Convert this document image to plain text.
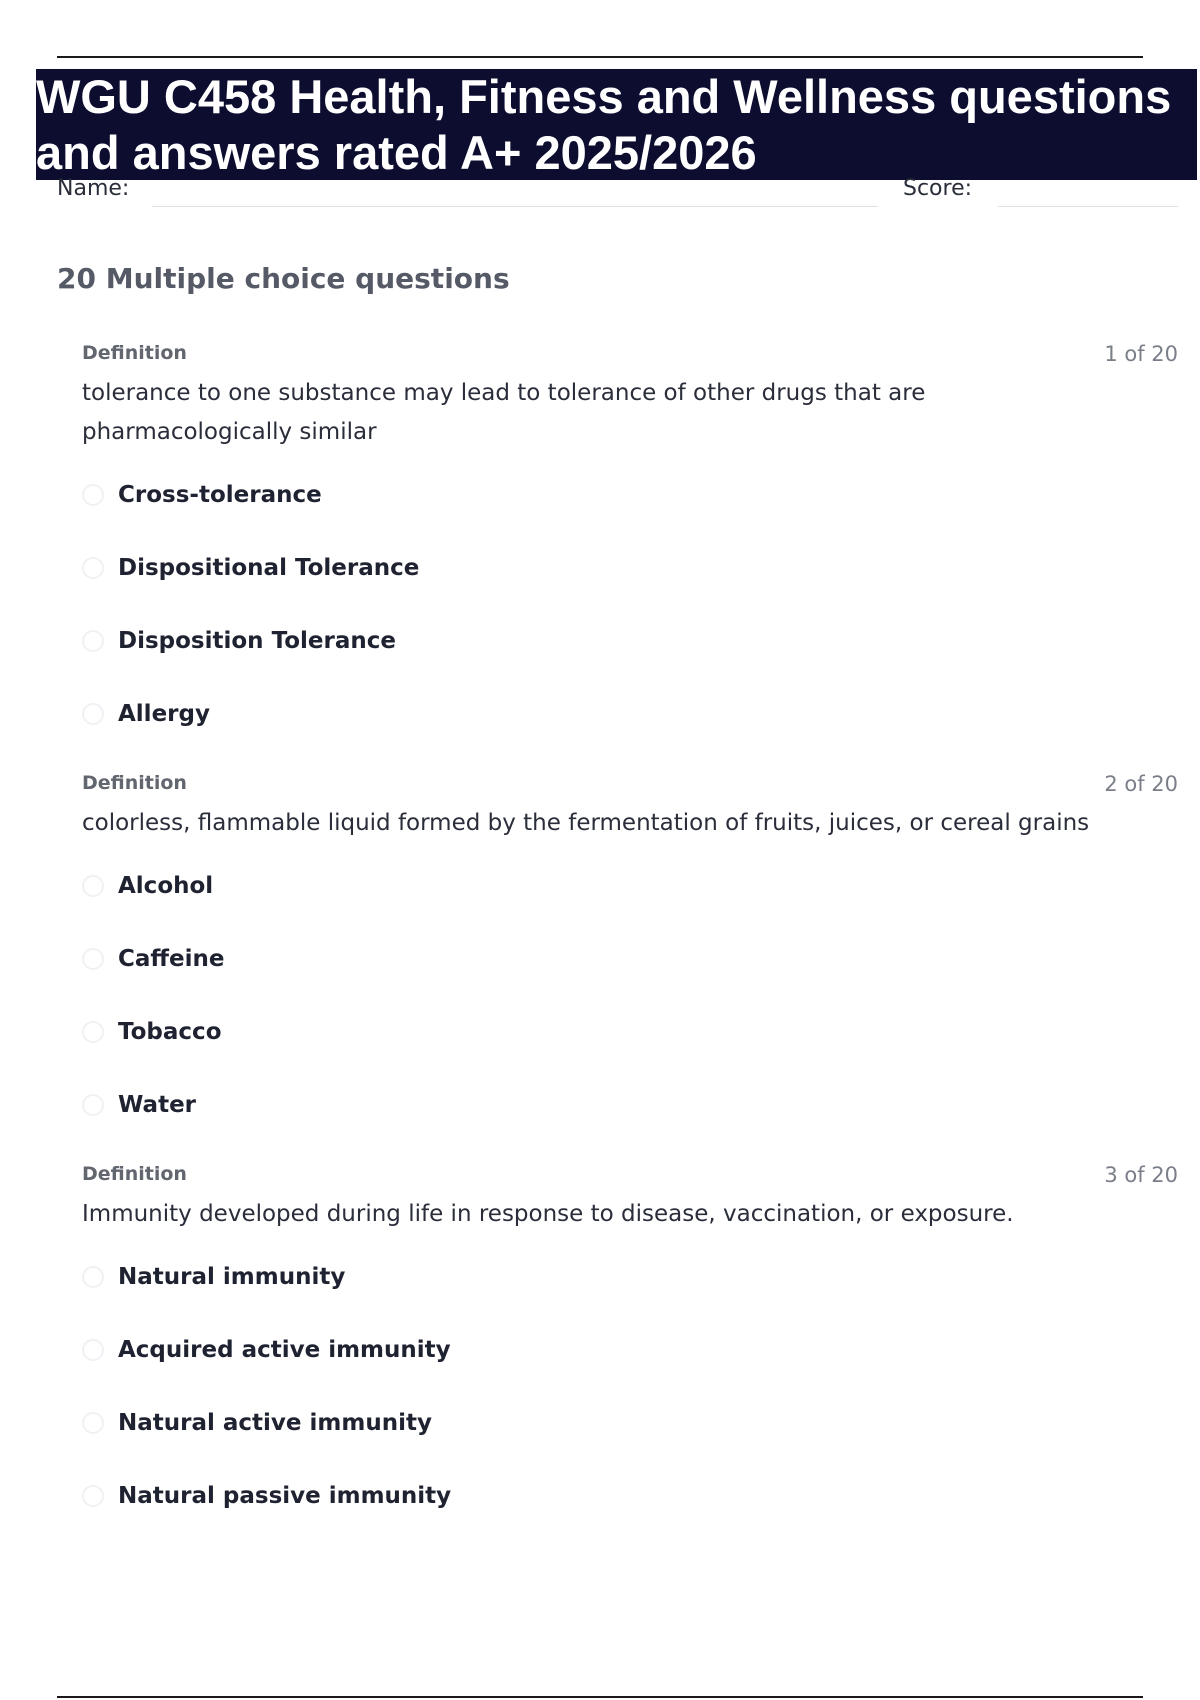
WGU C458 Health, Fitness and Wellness questions and answers rated A+ 2025/2026
Name:	Score:
20 Multiple choice questions
Definition	1 of 20
tolerance to one substance may lead to tolerance of other drugs that are pharmacologically similar
Cross-tolerance
Dispositional Tolerance
Disposition Tolerance
Allergy
Definition	2 of 20
colorless, flammable liquid formed by the fermentation of fruits, juices, or cereal grains
Alcohol
Caffeine
Tobacco
Water
Definition	3 of 20
Immunity developed during life in response to disease, vaccination, or exposure.
Natural immunity
Acquired active immunity
Natural active immunity
Natural passive immunity
